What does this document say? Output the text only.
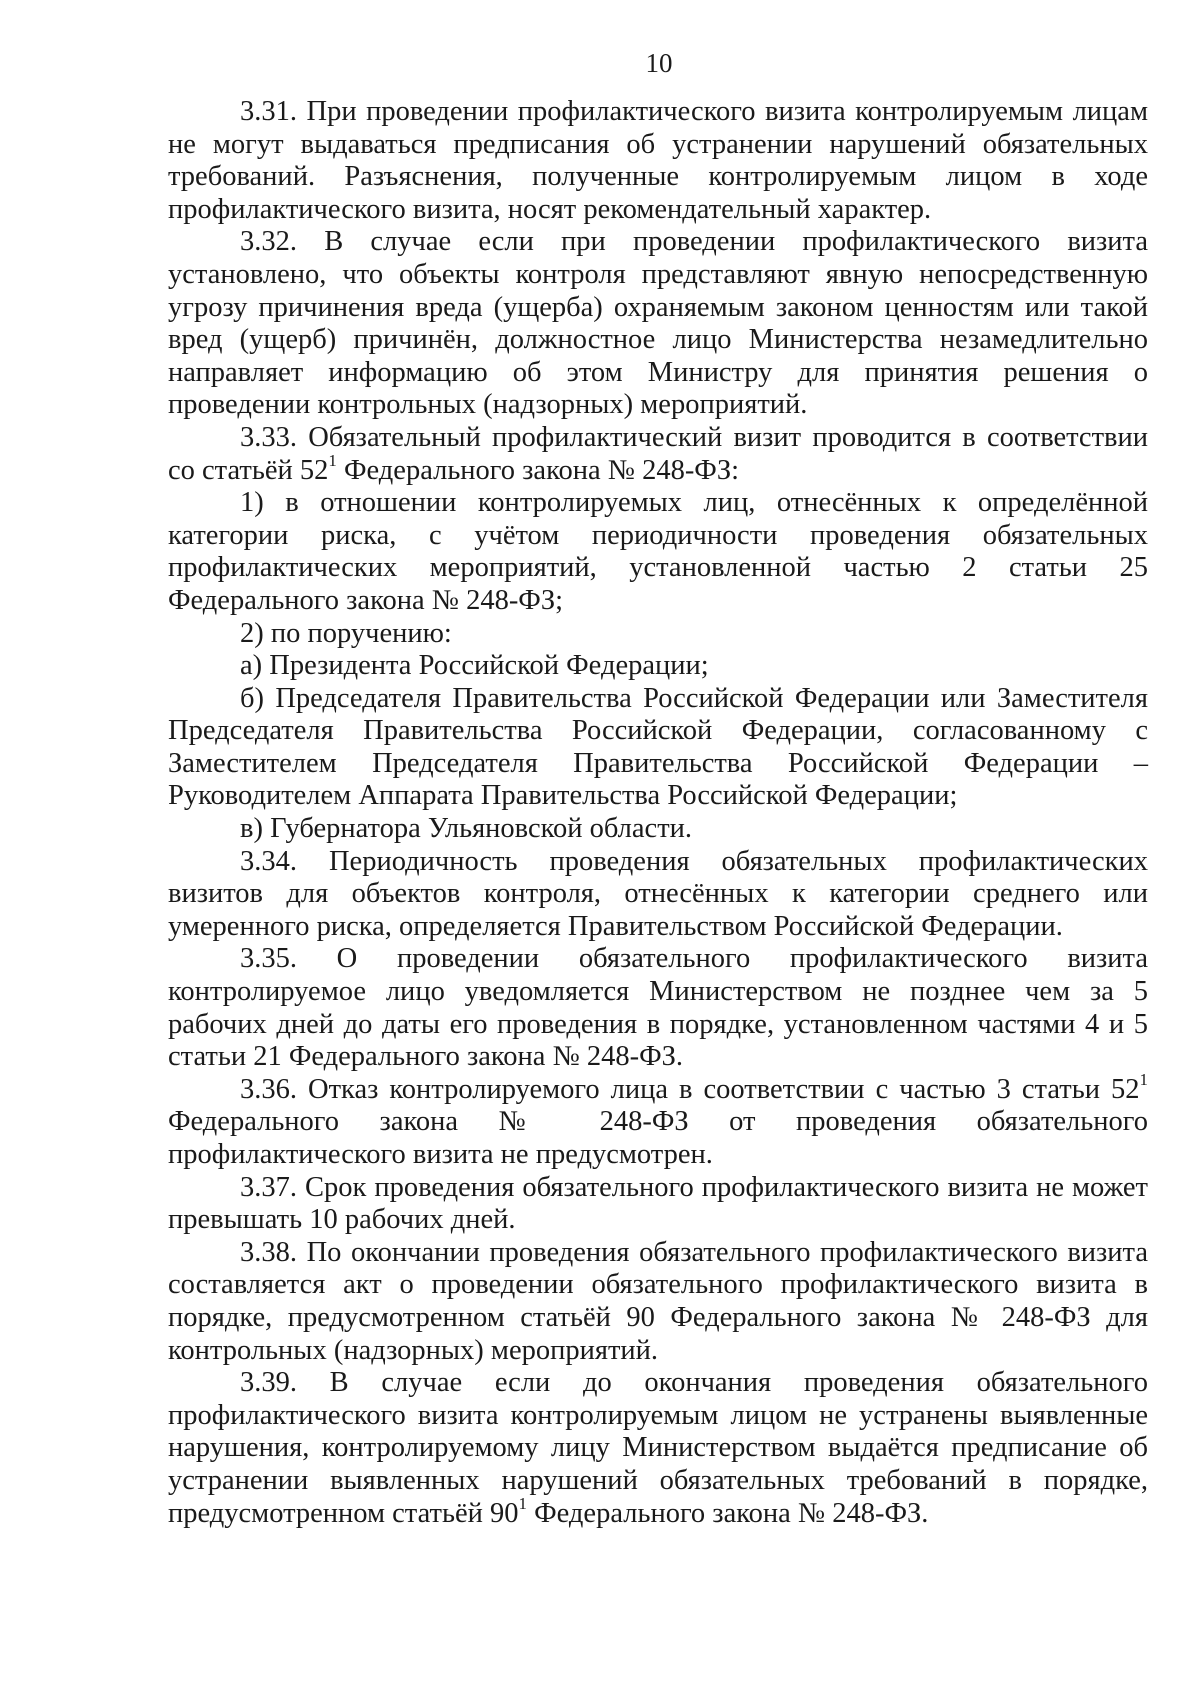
10

3.31. При проведении профилактического визита контролируемым лицам не могут выдаваться предписания об устранении нарушений обязательных требований. Разъяснения, полученные контролируемым лицом в ходе профилактического визита, носят рекомендательный характер.

3.32. В случае если при проведении профилактического визита установлено, что объекты контроля представляют явную непосредственную угрозу причинения вреда (ущерба) охраняемым законом ценностям или такой вред (ущерб) причинён, должностное лицо Министерства незамедлительно направляет информацию об этом Министру для принятия решения о проведении контрольных (надзорных) мероприятий.

3.33. Обязательный профилактический визит проводится в соответствии со статьёй $52^1$ Федерального закона № 248-ФЗ:

1) в отношении контролируемых лиц, отнесённых к определённой категории риска, с учётом периодичности проведения обязательных профилактических мероприятий, установленной частью 2 статьи 25 Федерального закона № 248-ФЗ;

2) по поручению:

а) Президента Российской Федерации;

б) Председателя Правительства Российской Федерации или Заместителя Председателя Правительства Российской Федерации, согласованному с Заместителем Председателя Правительства Российской Федерации – Руководителем Аппарата Правительства Российской Федерации;

в) Губернатора Ульяновской области.

3.34. Периодичность проведения обязательных профилактических визитов для объектов контроля, отнесённых к категории среднего или умеренного риска, определяется Правительством Российской Федерации.

3.35. О проведении обязательного профилактического визита контролируемое лицо уведомляется Министерством не позднее чем за 5 рабочих дней до даты его проведения в порядке, установленном частями 4 и 5 статьи 21 Федерального закона № 248-ФЗ.

3.36. Отказ контролируемого лица в соответствии с частью 3 статьи $52^1$ Федерального закона № 248-ФЗ от проведения обязательного профилактического визита не предусмотрен.

3.37. Срок проведения обязательного профилактического визита не может превышать 10 рабочих дней.

3.38. По окончании проведения обязательного профилактического визита составляется акт о проведении обязательного профилактического визита в порядке, предусмотренном статьёй 90 Федерального закона № 248-ФЗ для контрольных (надзорных) мероприятий.

3.39. В случае если до окончания проведения обязательного профилактического визита контролируемым лицом не устранены выявленные нарушения, контролируемому лицу Министерством выдаётся предписание об устранении выявленных нарушений обязательных требований в порядке, предусмотренном статьёй $90^1$ Федерального закона № 248-ФЗ.
